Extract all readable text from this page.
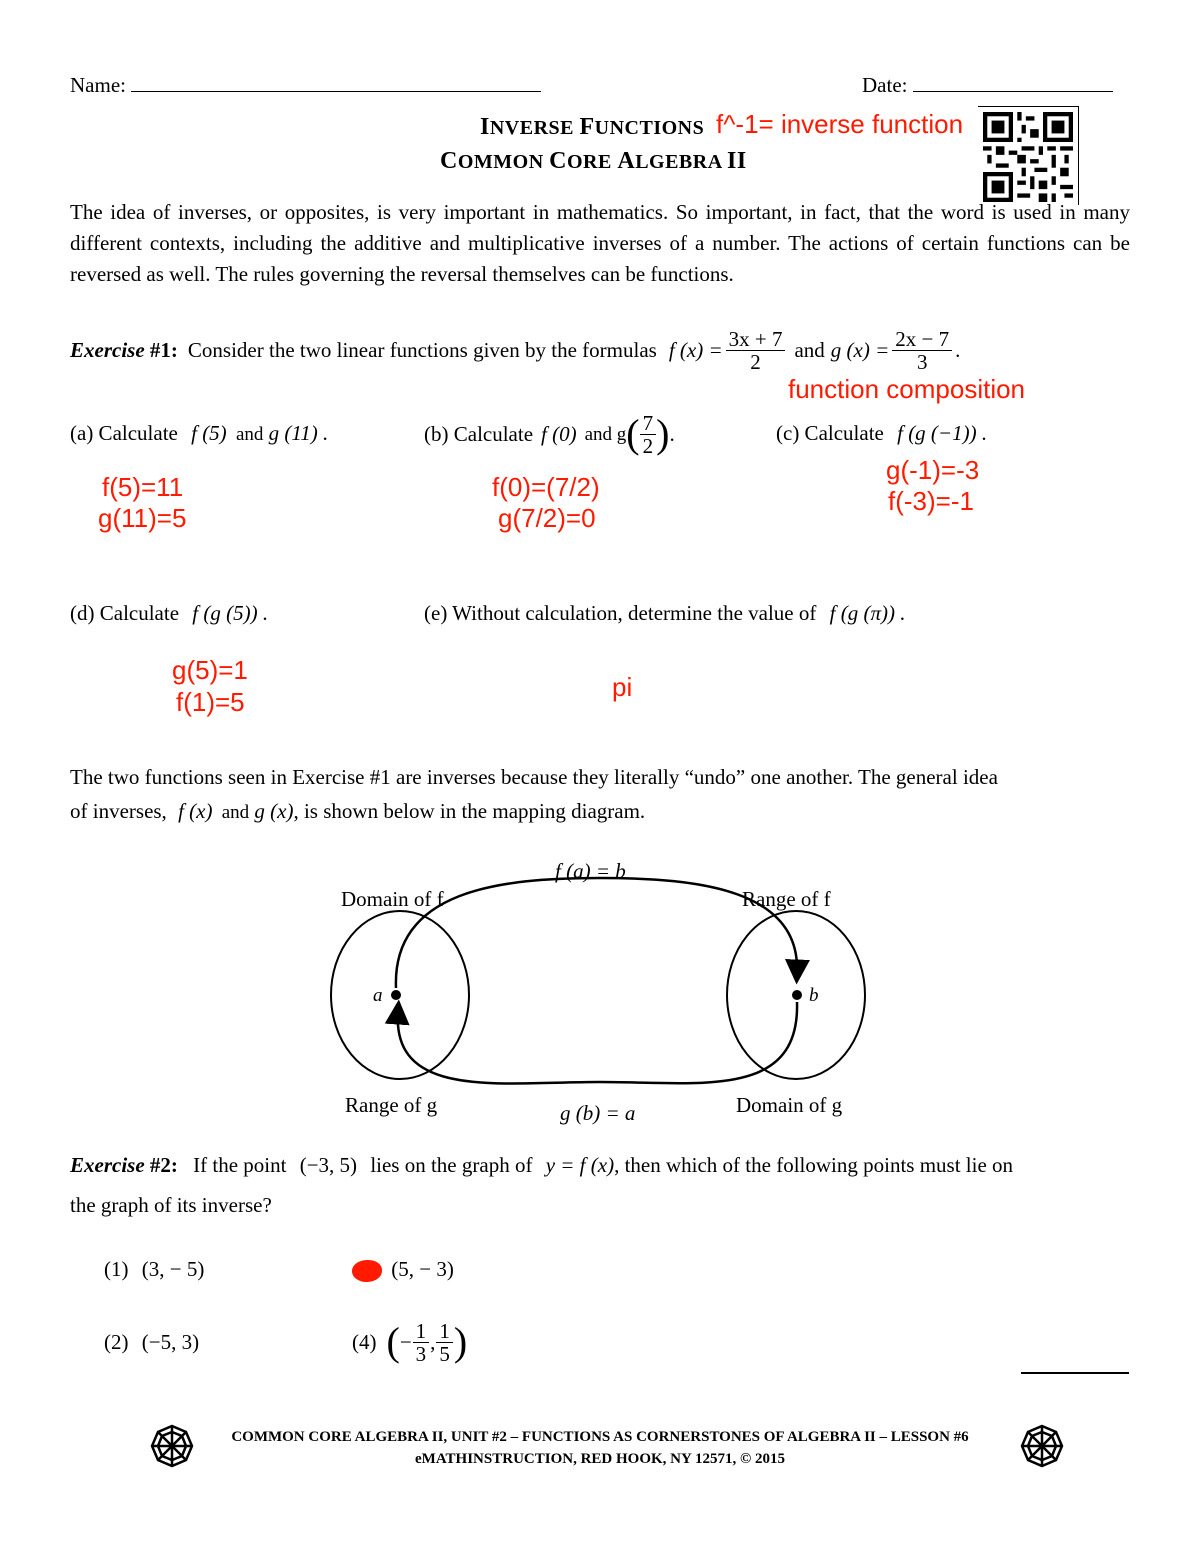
Name:	Date:
INVERSE FUNCTIONS
COMMON CORE ALGEBRA II
f^-1= inverse function
The idea of inverses, or opposites, is very important in mathematics. So important, in fact, that the word is used in many different contexts, including the additive and multiplicative inverses of a number. The actions of certain functions can be reversed as well. The rules governing the reversal themselves can be functions.
Exercise #1: Consider the two linear functions given by the formulas f $(x) = \frac{3x + 7}{2}$ and g $(x) = \frac{2x - 7}{3}$ .
function composition
(a) Calculate f (5) and g (11) .	(b) Calculate f (0) and g ( $\frac{7}{2}$ ) .	(c) Calculate f (g (−1)) .
f(5)=11
g(11)=5
f(0)=(7/2)
g(7/2)=0
g(-1)=-3
f(-3)=-1
(d) Calculate f (g (5)) .	(e) Without calculation, determine the value of f (g (π)) .
g(5)=1
f(1)=5	pi
The two functions seen in Exercise #1 are inverses because they literally “undo” one another. The general idea
of inverses, f (x) and g (x), is shown below in the mapping diagram.
f (a) = b
g (b) = a
Domain of f	Range of f
Range of g	Domain of g
a	b
Exercise #2: If the point (−3, 5) lies on the graph of y = f (x), then which of the following points must lie on
the graph of its inverse?
(1) (3, − 5)
(2) (−5, 3)
(5, − 3)
(4) ( − $\frac{1}{3}$ , $\frac{1}{5}$ )
COMMON CORE ALGEBRA II, UNIT #2 – FUNCTIONS AS CORNERSTONES OF ALGEBRA II – LESSON #6
eMATHINSTRUCTION, RED HOOK, NY 12571, © 2015
